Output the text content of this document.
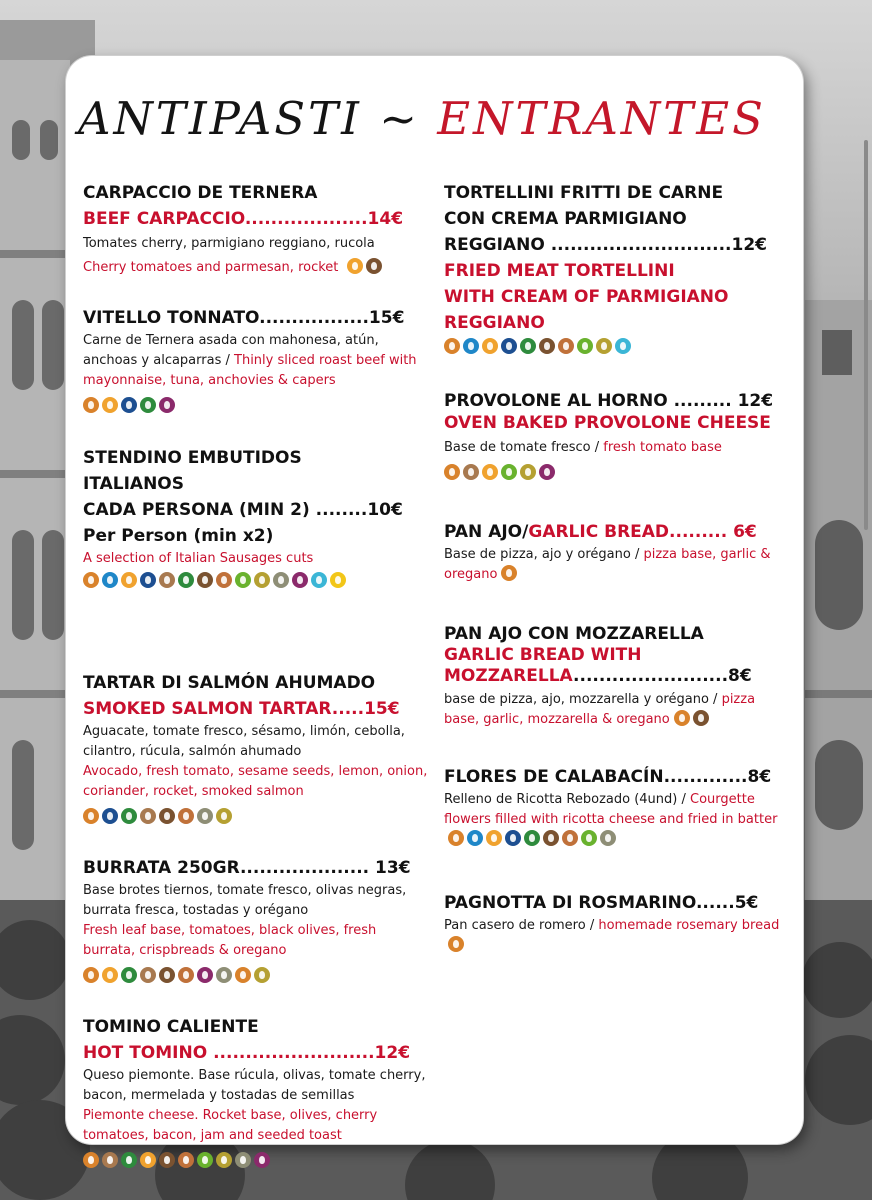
ANTIPASTI ~ ENTRANTES
CARPACCIO DE TERNERA
BEEF CARPACCIO...................14€
Tomates cherry, parmigiano reggiano, rucola
Cherry tomatoes and parmesan, rocket
VITELLO TONNATO.................15€
Carne de Ternera asada con mahonesa, atún, anchoas y alcaparras / Thinly sliced roast beef with mayonnaise, tuna, anchovies & capers
STENDINO EMBUTIDOS ITALIANOS
CADA PERSONA (MIN 2) ........10€
Per Person (min x2)
A selection of Italian Sausages cuts
TARTAR DI SALMÓN AHUMADO
SMOKED SALMON TARTAR.....15€
Aguacate, tomate fresco, sésamo, limón, cebolla, cilantro, rúcula, salmón ahumado
Avocado, fresh tomato, sesame seeds, lemon, onion, coriander, rocket, smoked salmon
BURRATA 250GR.................... 13€
Base brotes tiernos, tomate fresco, olivas negras, burrata fresca, tostadas y orégano
Fresh leaf base, tomatoes, black olives, fresh burrata, crispbreads & oregano
TOMINO CALIENTE
HOT TOMINO .........................12€
Queso piemonte. Base rúcula, olivas, tomate cherry, bacon, mermelada y tostadas de semillas
Piemonte cheese. Rocket base, olives, cherry tomatoes, bacon, jam and seeded toast
TORTELLINI FRITTI DE CARNE
CON CREMA PARMIGIANO
REGGIANO ............................12€
FRIED MEAT TORTELLINI
WITH CREAM OF PARMIGIANO
REGGIANO
PROVOLONE AL HORNO ......... 12€
OVEN BAKED PROVOLONE CHEESE
Base de tomate fresco / fresh tomato base
PAN AJO/GARLIC BREAD......... 6€
Base de pizza, ajo y orégano / pizza base, garlic & oregano
PAN AJO CON MOZZARELLA
GARLIC BREAD WITH
MOZZARELLA........................8€
base de pizza, ajo, mozzarella y orégano / pizza base, garlic, mozzarella & oregano
FLORES DE CALABACÍN.............8€
Relleno de Ricotta Rebozado (4und) / Courgette flowers filled with ricotta cheese and fried in batter
PAGNOTTA DI ROSMARINO......5€
Pan casero de romero / homemade rosemary bread
